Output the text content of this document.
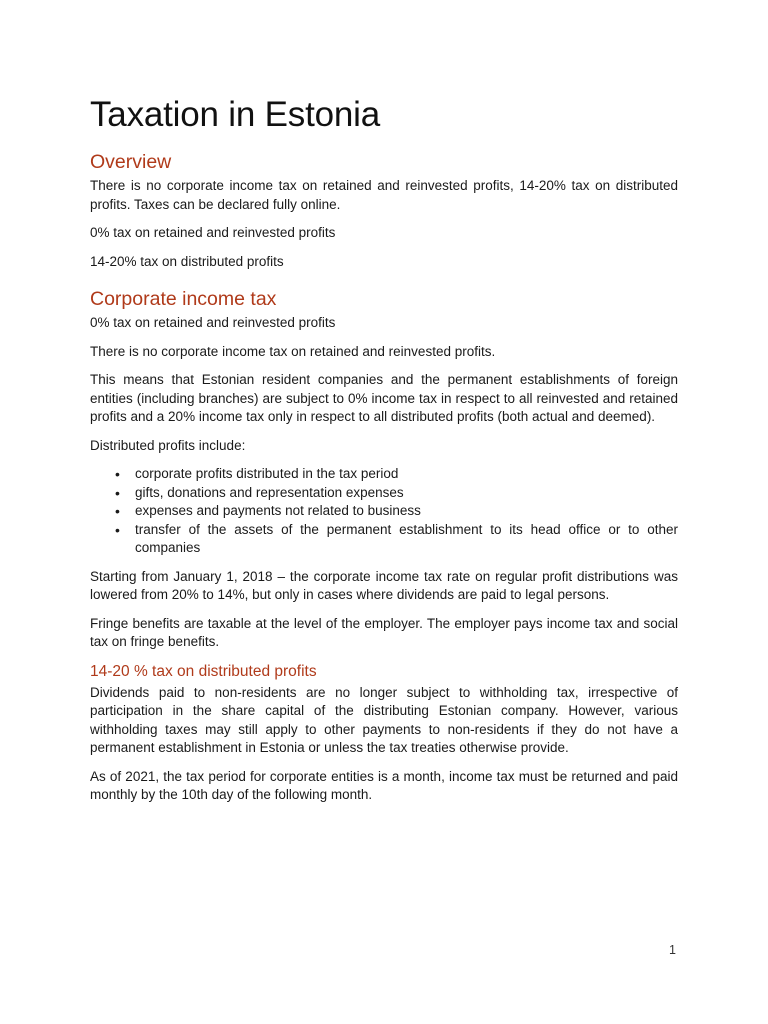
Taxation in Estonia
Overview

There is no corporate income tax on retained and reinvested profits, 14-20% tax on distributed profits. Taxes can be declared fully online.

0% tax on retained and reinvested profits

14-20% tax on distributed profits

Corporate income tax

0% tax on retained and reinvested profits

There is no corporate income tax on retained and reinvested profits.

This means that Estonian resident companies and the permanent establishments of foreign entities (including branches) are subject to 0% income tax in respect to all reinvested and retained profits and a 20% income tax only in respect to all distributed profits (both actual and deemed).

Distributed profits include:

• corporate profits distributed in the tax period
• gifts, donations and representation expenses
• expenses and payments not related to business
• transfer of the assets of the permanent establishment to its head office or to other companies

Starting from January 1, 2018 – the corporate income tax rate on regular profit distributions was lowered from 20% to 14%, but only in cases where dividends are paid to legal persons.

Fringe benefits are taxable at the level of the employer. The employer pays income tax and social tax on fringe benefits.

14-20 % tax on distributed profits

Dividends paid to non-residents are no longer subject to withholding tax, irrespective of participation in the share capital of the distributing Estonian company. However, various withholding taxes may still apply to other payments to non-residents if they do not have a permanent establishment in Estonia or unless the tax treaties otherwise provide.

As of 2021, the tax period for corporate entities is a month, income tax must be returned and paid monthly by the 10th day of the following month.

1
